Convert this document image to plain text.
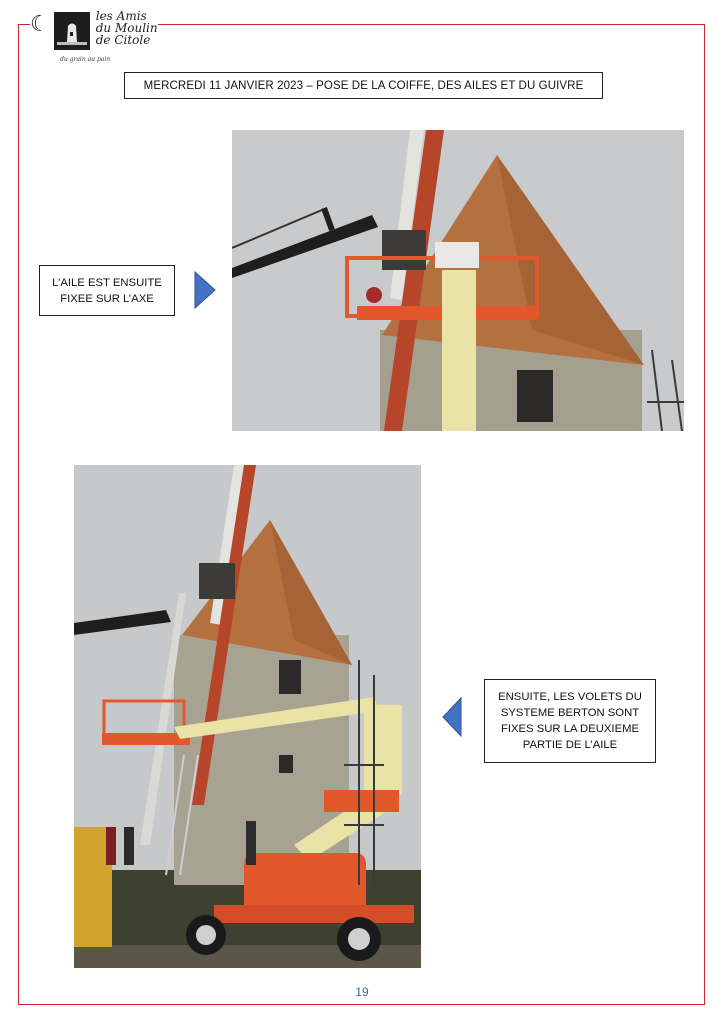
☾	les Amis
du Moulin
de Citole
du grain au pain
MERCREDI 11 JANVIER 2023 – POSE DE LA COIFFE, DES AILES ET DU GUIVRE
L’AILE EST ENSUITE FIXEE SUR L’AXE
ENSUITE, LES VOLETS DU SYSTEME BERTON SONT FIXES SUR LA DEUXIEME PARTIE DE L’AILE
19
